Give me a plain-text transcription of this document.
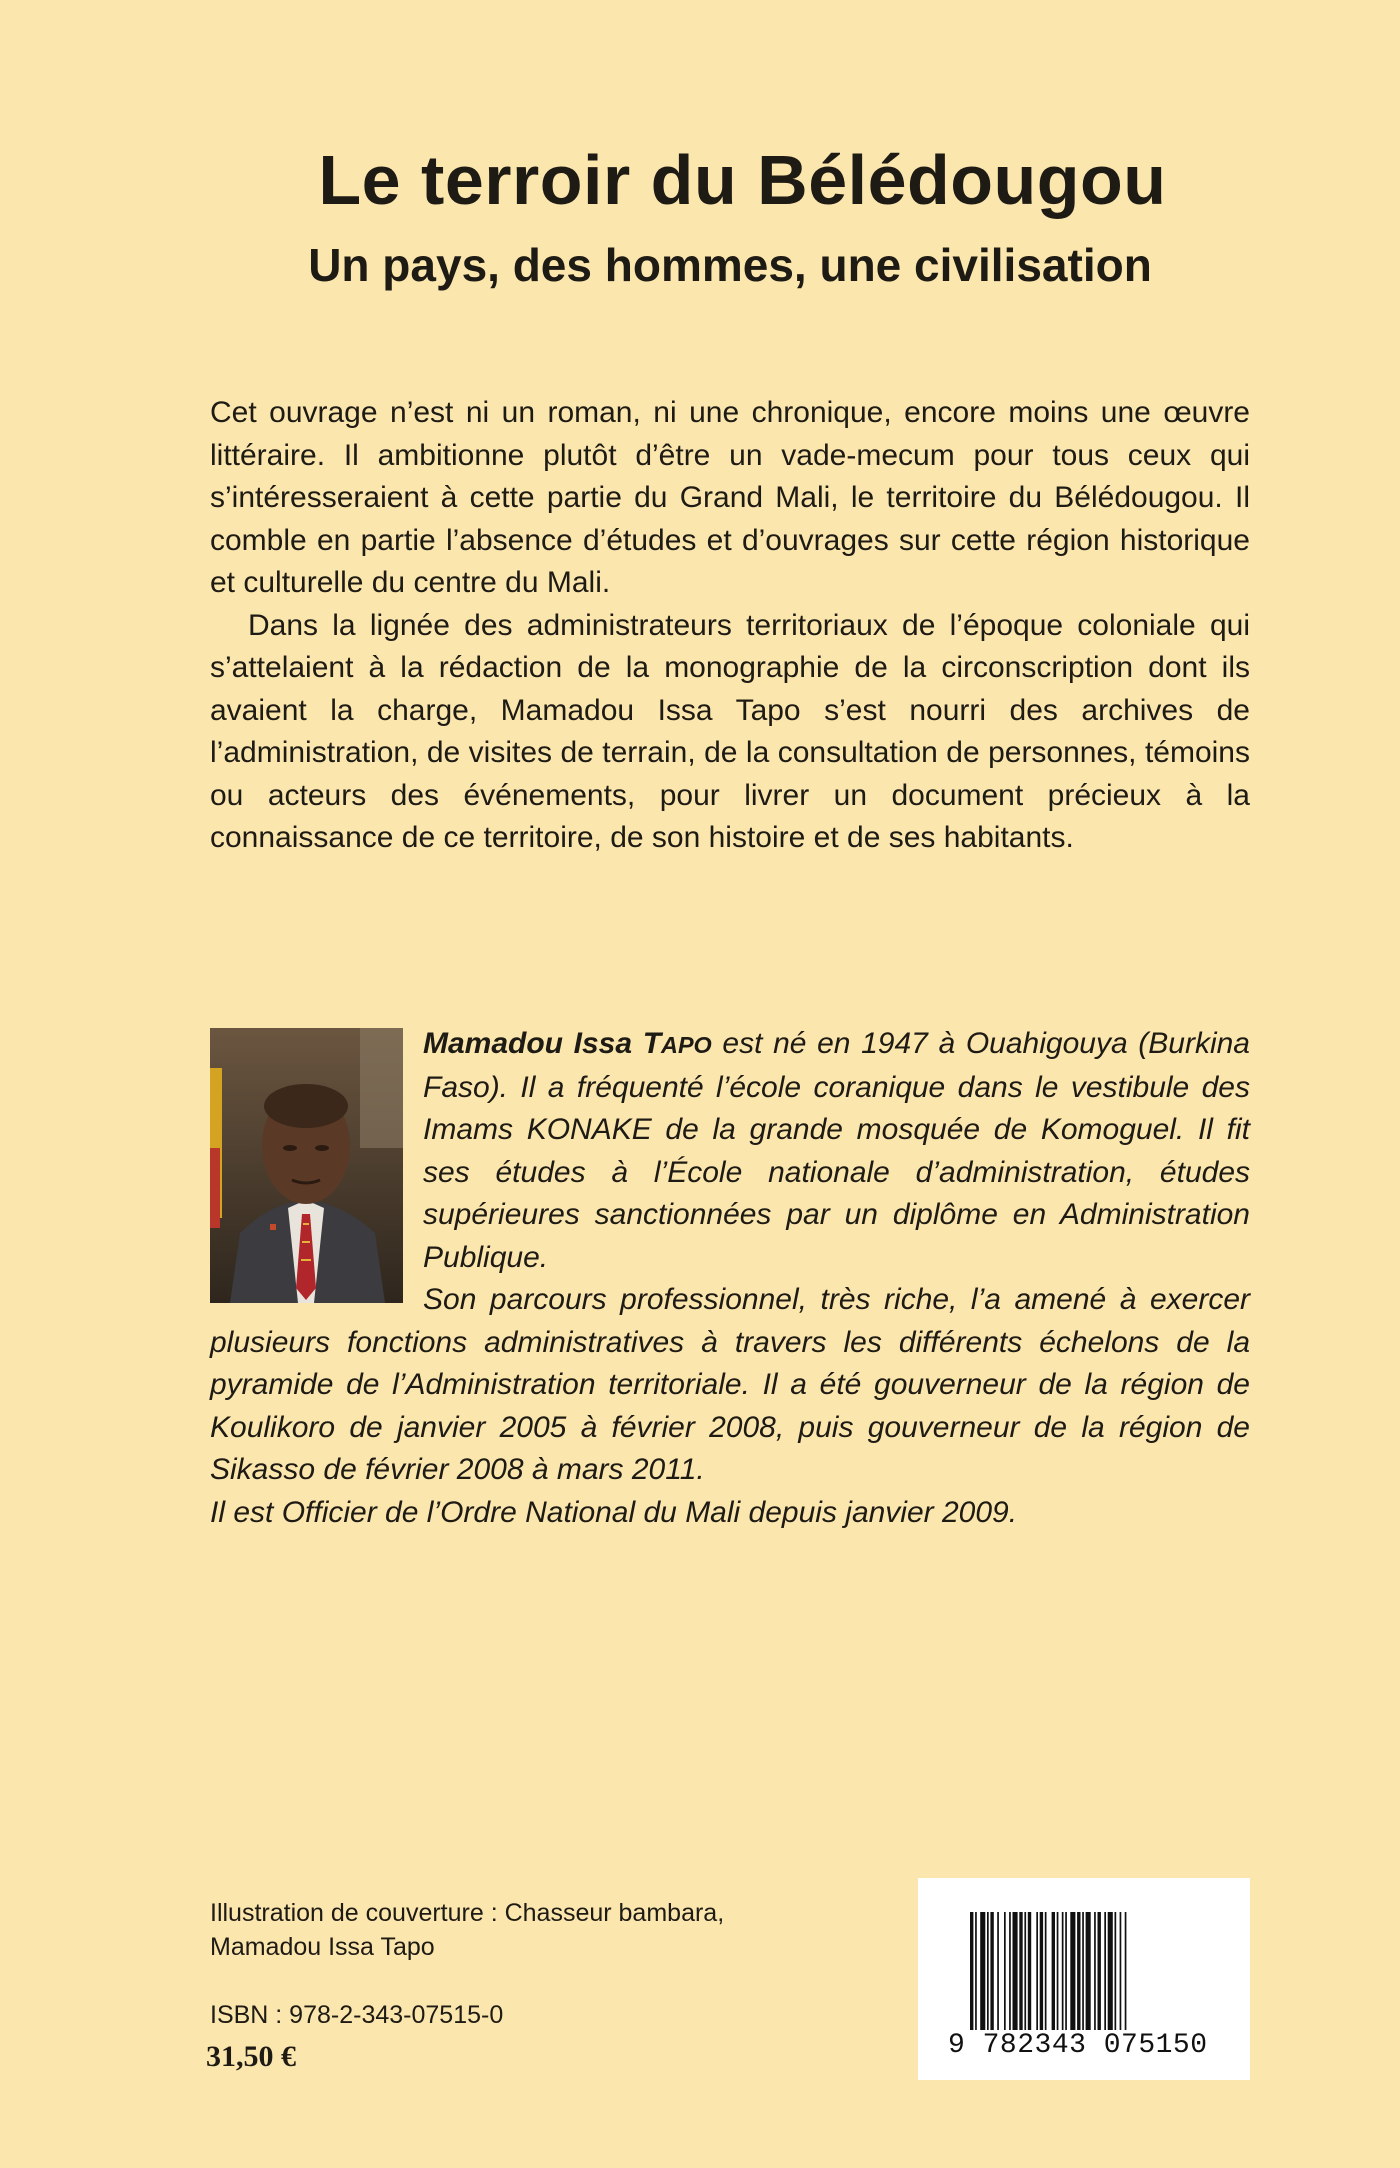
Le terroir du Bélédougou
Un pays, des hommes, une civilisation

Cet ouvrage n’est ni un roman, ni une chronique, encore moins une œuvre littéraire. Il ambitionne plutôt d’être un vade-mecum pour tous ceux qui s’intéresseraient à cette partie du Grand Mali, le territoire du Bélédougou. Il comble en partie l’absence d’études et d’ouvrages sur cette région historique et culturelle du centre du Mali.

Dans la lignée des administrateurs territoriaux de l’époque coloniale qui s’attelaient à la rédaction de la monographie de la circonscription dont ils avaient la charge, Mamadou Issa Tapo s’est nourri des archives de l’administration, de visites de terrain, de la consultation de personnes, témoins ou acteurs des événements, pour livrer un document précieux à la connaissance de ce territoire, de son histoire et de ses habitants.

Mamadou Issa TAPO est né en 1947 à Ouahigouya (Burkina Faso). Il a fréquenté l’école coranique dans le vestibule des Imams KONAKE de la grande mosquée de Komoguel. Il fit ses études à l’École nationale d’administration, études supérieures sanctionnées par un diplôme en Administration Publique.

Son parcours professionnel, très riche, l’a amené à exercer plusieurs fonctions administratives à travers les différents échelons de la pyramide de l’Administration territoriale. Il a été gouverneur de la région de Koulikoro de janvier 2005 à février 2008, puis gouverneur de la région de Sikasso de février 2008 à mars 2011.

Il est Officier de l’Ordre National du Mali depuis janvier 2009.

Illustration de couverture : Chasseur bambara,
Mamadou Issa Tapo
ISBN : 978-2-343-07515-0
31,50 €	9 782343 075150
